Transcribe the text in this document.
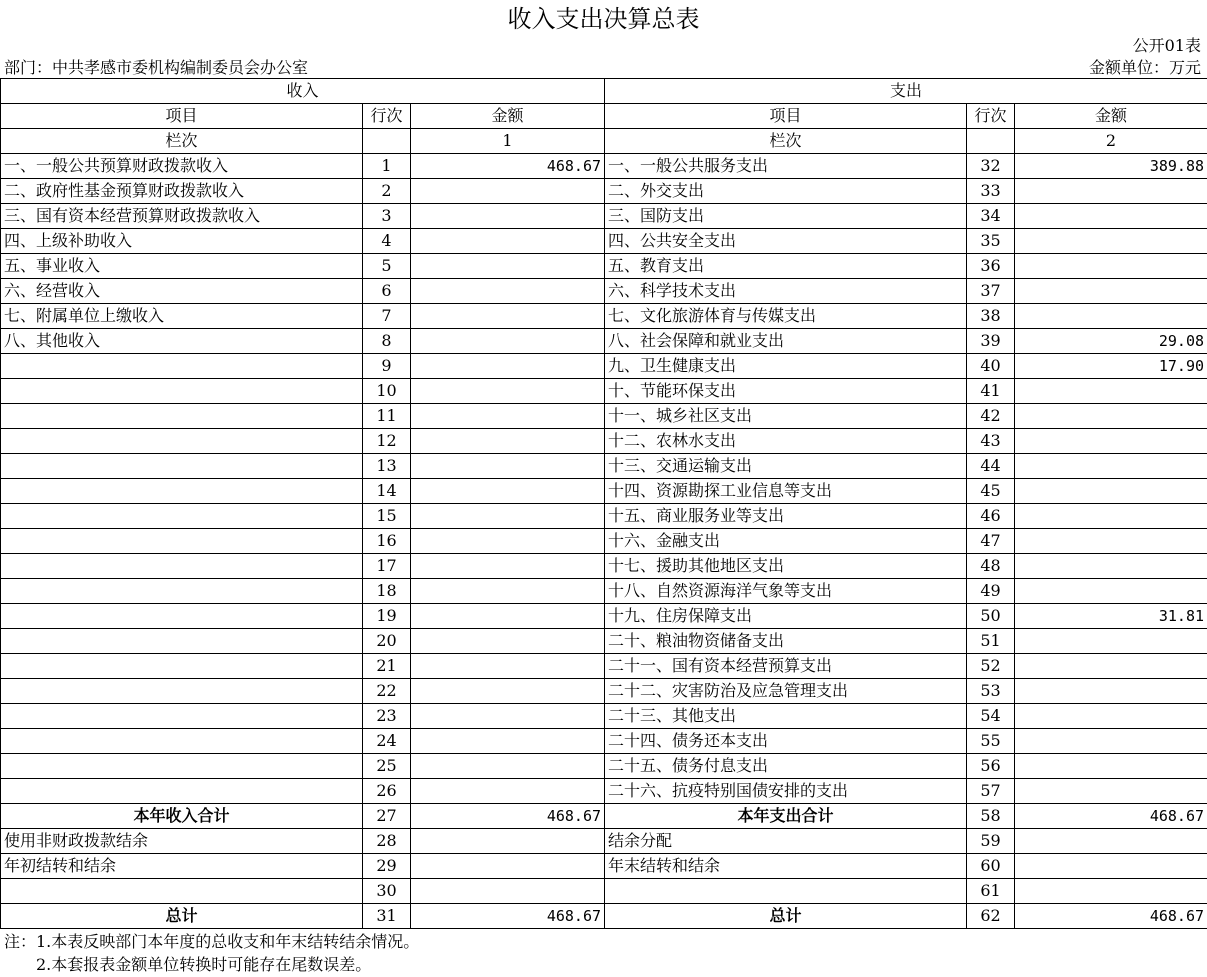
收入支出决算总表
公开01表
部门：中共孝感市委机构编制委员会办公室	金额单位：万元
收入			支出		
项目	行次	金额	项目	行次	金额
栏次		1	栏次		2
一、一般公共预算财政拨款收入	1	468.67	一、一般公共服务支出	32	389.88
二、政府性基金预算财政拨款收入	2		二、外交支出	33	
三、国有资本经营预算财政拨款收入	3		三、国防支出	34	
四、上级补助收入	4		四、公共安全支出	35	
五、事业收入	5		五、教育支出	36	
六、经营收入	6		六、科学技术支出	37	
七、附属单位上缴收入	7		七、文化旅游体育与传媒支出	38	
八、其他收入	8		八、社会保障和就业支出	39	29.08
	9		九、卫生健康支出	40	17.90
	10		十、节能环保支出	41	
	11		十一、城乡社区支出	42	
	12		十二、农林水支出	43	
	13		十三、交通运输支出	44	
	14		十四、资源勘探工业信息等支出	45	
	15		十五、商业服务业等支出	46	
	16		十六、金融支出	47	
	17		十七、援助其他地区支出	48	
	18		十八、自然资源海洋气象等支出	49	
	19		十九、住房保障支出	50	31.81
	20		二十、粮油物资储备支出	51	
	21		二十一、国有资本经营预算支出	52	
	22		二十二、灾害防治及应急管理支出	53	
	23		二十三、其他支出	54	
	24		二十四、债务还本支出	55	
	25		二十五、债务付息支出	56	
	26		二十六、抗疫特别国债安排的支出	57	
本年收入合计	27	468.67	本年支出合计	58	468.67
使用非财政拨款结余	28		结余分配	59	
年初结转和结余	29		年末结转和结余	60	
	30			61	
总计	31	468.67	总计	62	468.67
注：1.本表反映部门本年度的总收支和年末结转结余情况。
　　2.本套报表金额单位转换时可能存在尾数误差。
